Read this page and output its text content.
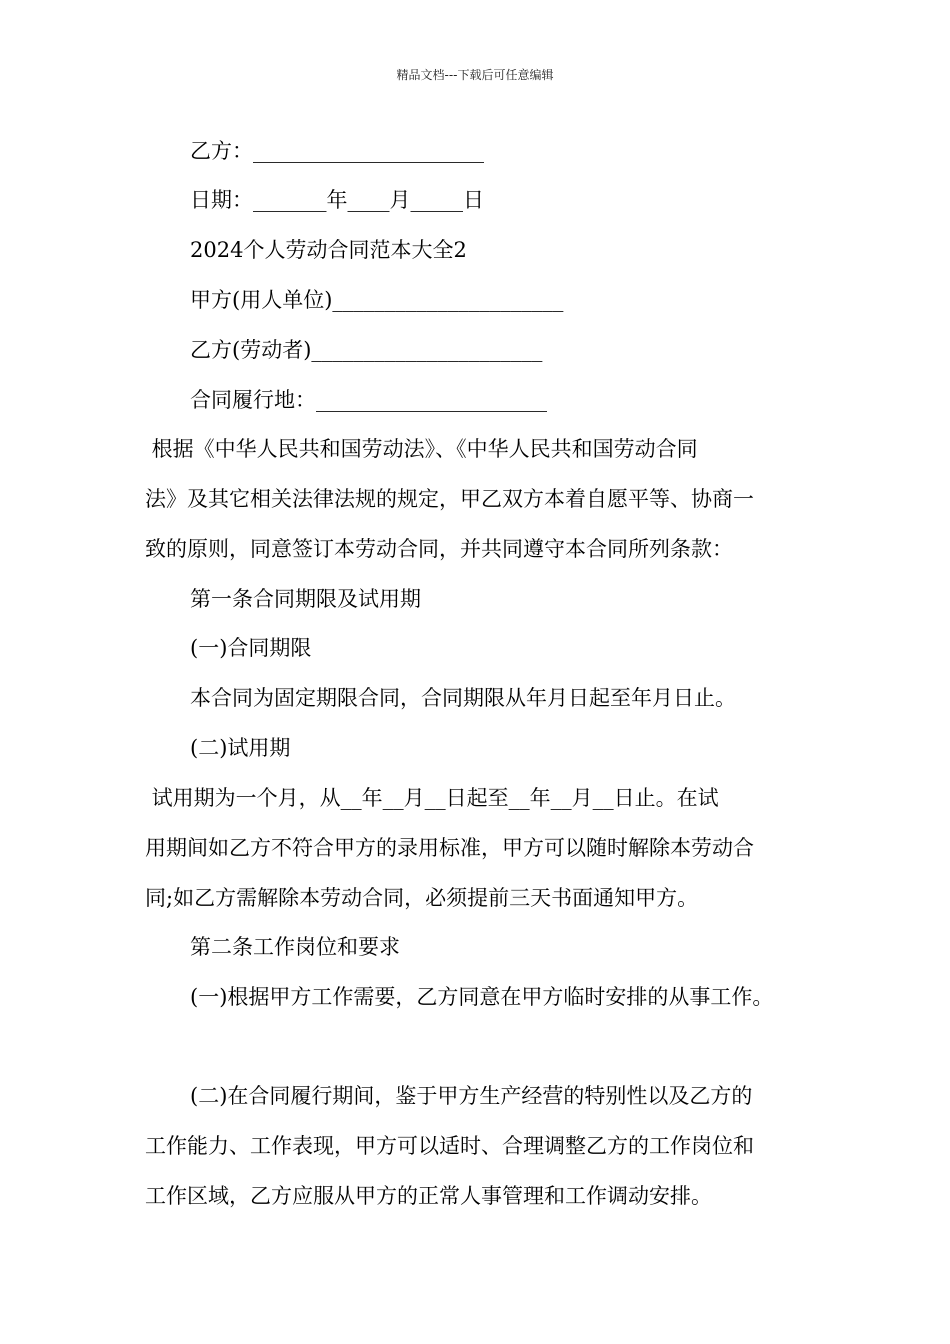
精品文档---下载后可任意编辑
乙方：______________________
日期：_______年____月_____日
2024个人劳动合同范本大全2
甲方(用人单位)______________________
乙方(劳动者)______________________
合同履行地：______________________
根据《中华人民共和国劳动法》、《中华人民共和国劳动合同
法》及其它相关法律法规的规定，甲乙双方本着自愿平等、协商一
致的原则，同意签订本劳动合同，并共同遵守本合同所列条款：
第一条合同期限及试用期
(一)合同期限
本合同为固定期限合同，合同期限从年月日起至年月日止。
(二)试用期
试用期为一个月，从__年__月__日起至__年__月__日止。在试
用期间如乙方不符合甲方的录用标准，甲方可以随时解除本劳动合
同;如乙方需解除本劳动合同，必须提前三天书面通知甲方。
第二条工作岗位和要求
(一)根据甲方工作需要，乙方同意在甲方临时安排的从事工作。
(二)在合同履行期间，鉴于甲方生产经营的特别性以及乙方的
工作能力、工作表现，甲方可以适时、合理调整乙方的工作岗位和
工作区域，乙方应服从甲方的正常人事管理和工作调动安排。
